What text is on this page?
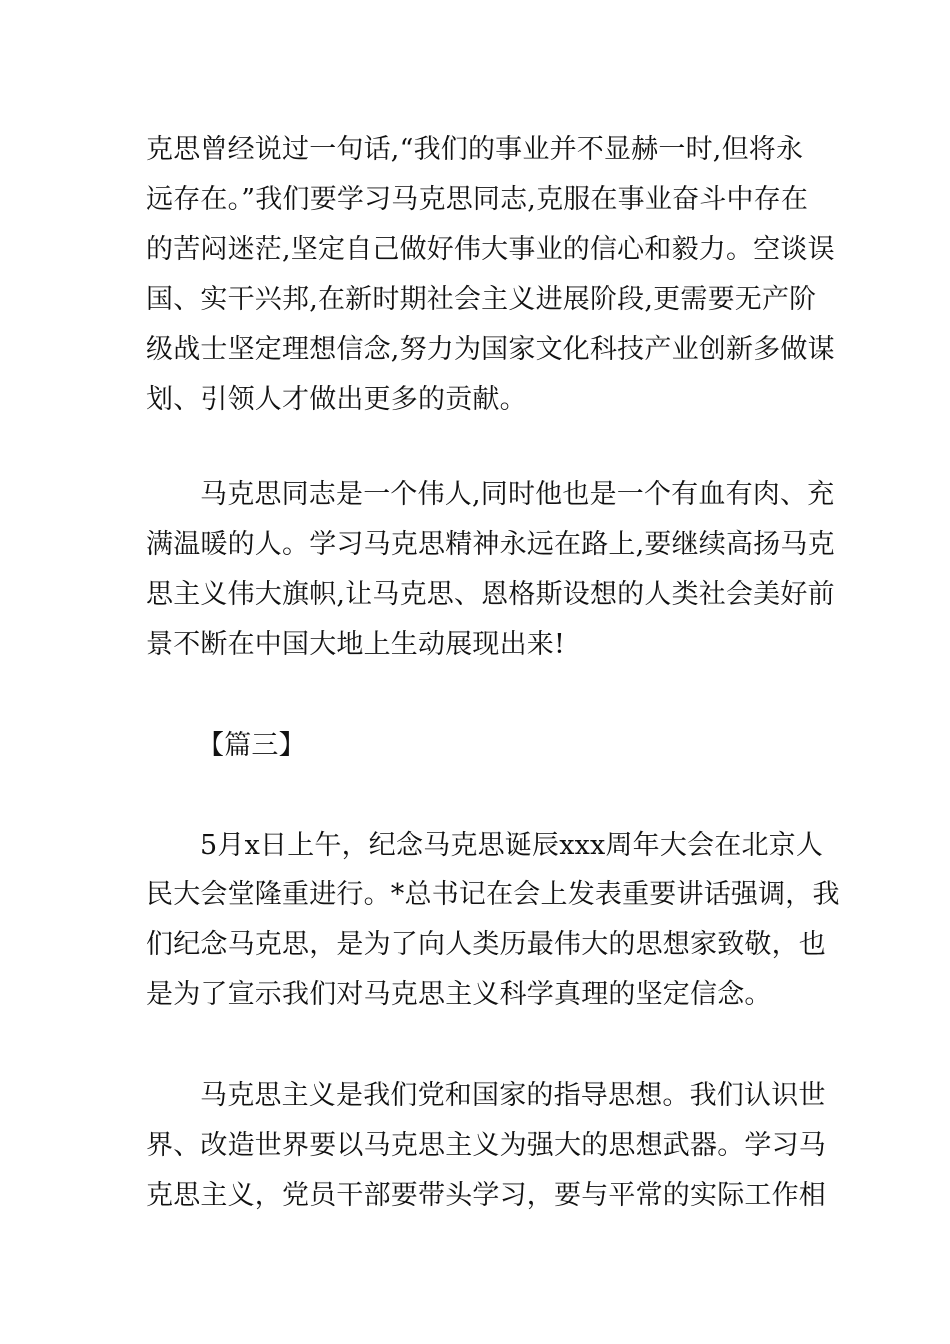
克思曾经说过一句话,“我们的事业并不显赫一时,但将永
远存在。”我们要学习马克思同志,克服在事业奋斗中存在
的苦闷迷茫,坚定自己做好伟大事业的信心和毅力。空谈误
国、实干兴邦,在新时期社会主义进展阶段,更需要无产阶
级战士坚定理想信念,努力为国家文化科技产业创新多做谋
划、引领人才做出更多的贡献。
马克思同志是一个伟人,同时他也是一个有血有肉、充
满温暖的人。学习马克思精神永远在路上,要继续高扬马克
思主义伟大旗帜,让马克思、恩格斯设想的人类社会美好前
景不断在中国大地上生动展现出来!
【篇三】
5月x日上午，纪念马克思诞辰xxx周年大会在北京人
民大会堂隆重进行。*总书记在会上发表重要讲话强调，我
们纪念马克思，是为了向人类历最伟大的思想家致敬，也
是为了宣示我们对马克思主义科学真理的坚定信念。
马克思主义是我们党和国家的指导思想。我们认识世
界、改造世界要以马克思主义为强大的思想武器。学习马
克思主义，党员干部要带头学习，要与平常的实际工作相
